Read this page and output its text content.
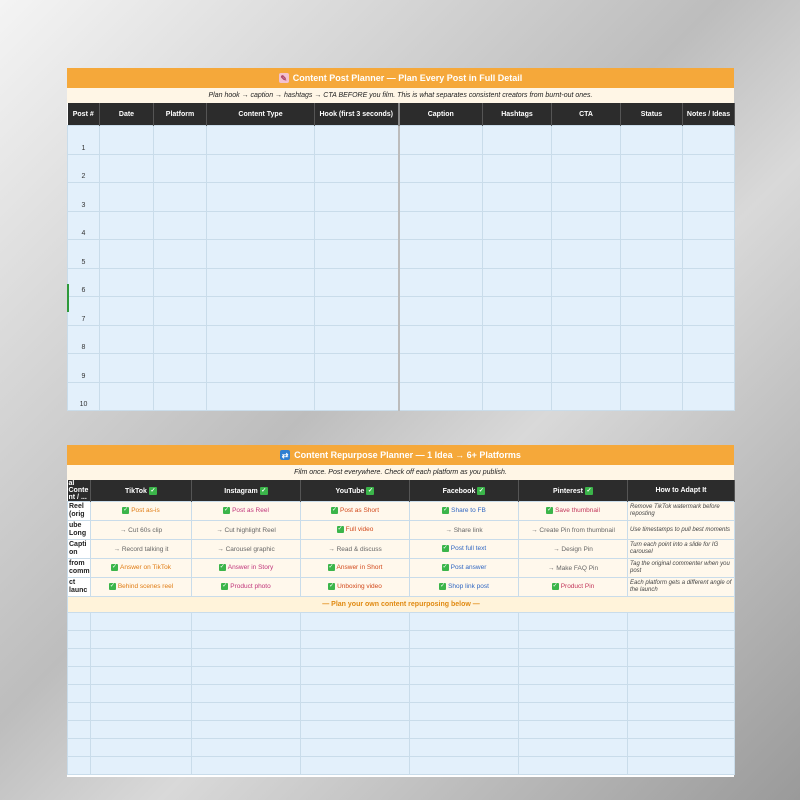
✎ Content Post Planner — Plan Every Post in Full Detail
Plan hook → caption → hashtags → CTA BEFORE you film. This is what separates consistent creators from burnt-out ones.
Post #	Date	Platform	Content Type	Hook (first 3 seconds)	Caption	Hashtags	CTA	Status	Notes / Ideas
1									
2									
3									
4									
5									
6									
7									
8									
9									
10									
⇄ Content Repurpose Planner — 1 Idea → 6+ Platforms
Film once. Post everywhere. Check off each platform as you publish.
al Conte nt / ...	TikTok ✓	Instagram ✓	YouTube ✓	Facebook ✓	Pinterest ✓	How to Adapt It
Reel (orig	✓ Post as-is	✓ Post as Reel	✓ Post as Short	✓ Share to FB	✓ Save thumbnail	Remove TikTok watermark before reposting
ube Long	→ Cut 60s clip	→ Cut highlight Reel	✓ Full video	→ Share link	→ Create Pin from thumbnail	Use timestamps to pull best moments
Capti on	→ Record talking it	→ Carousel graphic	→ Read & discuss	✓ Post full text	→ Design Pin	Turn each point into a slide for IG carousel
from comm	✓ Answer on TikTok	✓ Answer in Story	✓ Answer in Short	✓ Post answer	→ Make FAQ Pin	Tag the original commenter when you post
ct launc	✓ Behind scenes reel	✓ Product photo	✓ Unboxing video	✓ Shop link post	✓ Product Pin	Each platform gets a different angle of the launch
— Plan your own content repurposing below —						
